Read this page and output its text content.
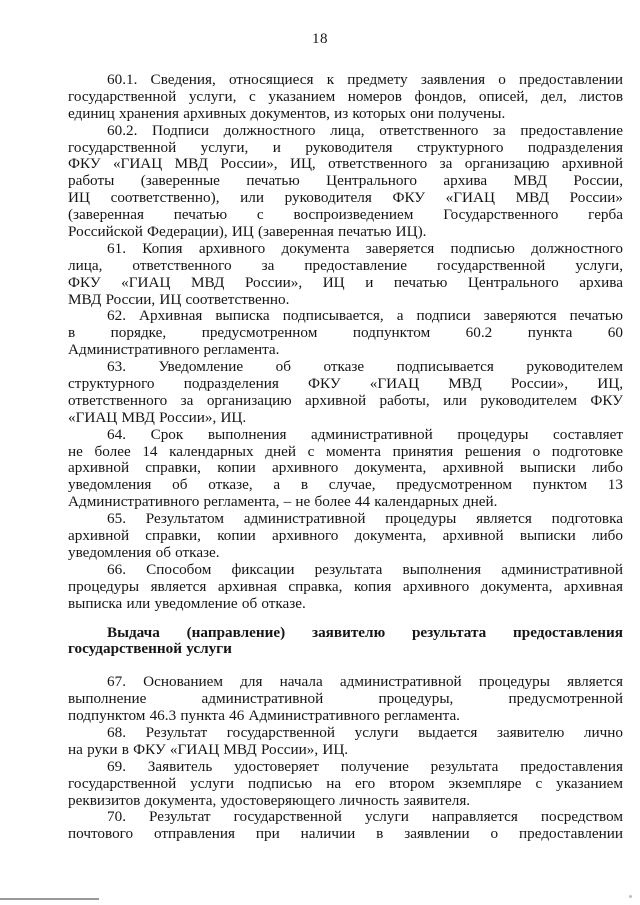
18
60.1. Сведения, относящиеся к предмету заявления о предоставлении
государственной услуги, с указанием номеров фондов, описей, дел, листов
единиц хранения архивных документов, из которых они получены.
60.2. Подписи должностного лица, ответственного за предоставление
государственной услуги, и руководителя структурного подразделения
ФКУ «ГИАЦ МВД России», ИЦ, ответственного за организацию архивной
работы (заверенные печатью Центрального архива МВД России,
ИЦ соответственно), или руководителя ФКУ «ГИАЦ МВД России»
(заверенная печатью с воспроизведением Государственного герба
Российской Федерации), ИЦ (заверенная печатью ИЦ).
61. Копия архивного документа заверяется подписью должностного
лица, ответственного за предоставление государственной услуги,
ФКУ «ГИАЦ МВД России», ИЦ и печатью Центрального архива
МВД России, ИЦ соответственно.
62. Архивная выписка подписывается, а подписи заверяются печатью
в порядке, предусмотренном подпунктом 60.2 пункта 60
Административного регламента.
63. Уведомление об отказе подписывается руководителем
структурного подразделения ФКУ «ГИАЦ МВД России», ИЦ,
ответственного за организацию архивной работы, или руководителем ФКУ
«ГИАЦ МВД России», ИЦ.
64. Срок выполнения административной процедуры составляет
не более 14 календарных дней с момента принятия решения о подготовке
архивной справки, копии архивного документа, архивной выписки либо
уведомления об отказе, а в случае, предусмотренном пунктом 13
Административного регламента, – не более 44 календарных дней.
65. Результатом административной процедуры является подготовка
архивной справки, копии архивного документа, архивной выписки либо
уведомления об отказе.
66. Способом фиксации результата выполнения административной
процедуры является архивная справка, копия архивного документа, архивная
выписка или уведомление об отказе.
Выдача (направление) заявителю результата предоставления
государственной услуги
67. Основанием для начала административной процедуры является
выполнение административной процедуры, предусмотренной
подпунктом 46.3 пункта 46 Административного регламента.
68. Результат государственной услуги выдается заявителю лично
на руки в ФКУ «ГИАЦ МВД России», ИЦ.
69. Заявитель удостоверяет получение результата предоставления
государственной услуги подписью на его втором экземпляре с указанием
реквизитов документа, удостоверяющего личность заявителя.
70. Результат государственной услуги направляется посредством
почтового отправления при наличии в заявлении о предоставлении
